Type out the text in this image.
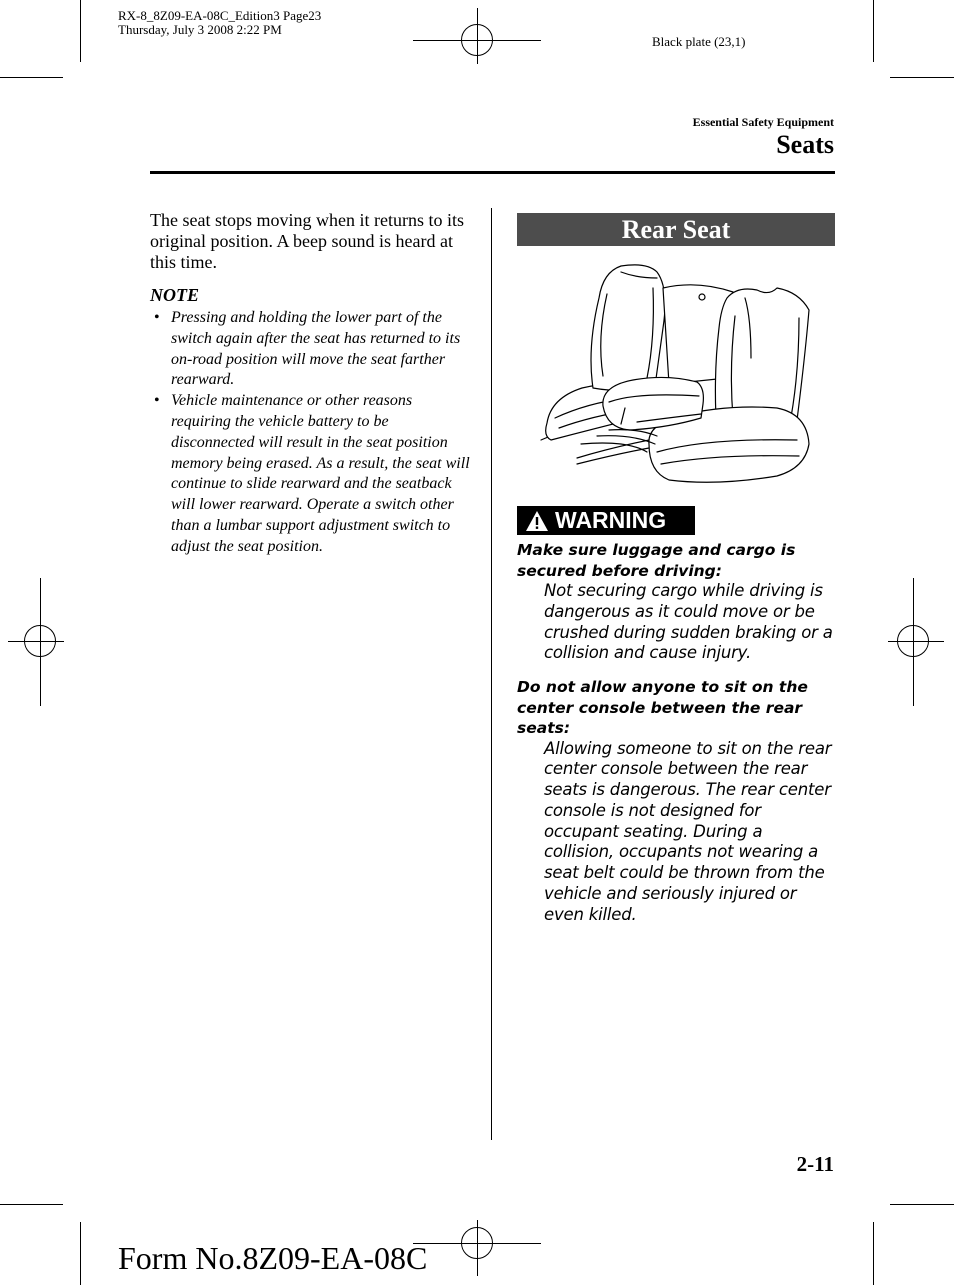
RX-8_8Z09-EA-08C_Edition3 Page23
Thursday, July 3 2008 2:22 PM
Black plate (23,1)
Essential Safety Equipment
Seats

The seat stops moving when it returns to its original position. A beep sound is heard at this time.

NOTE
• Pressing and holding the lower part of the switch again after the seat has returned to its on-road position will move the seat farther rearward.
• Vehicle maintenance or other reasons requiring the vehicle battery to be disconnected will result in the seat position memory being erased. As a result, the seat will continue to slide rearward and the seatback will lower rearward. Operate a switch other than a lumbar support adjustment switch to adjust the seat position.
Rear Seat
WARNING

Make sure luggage and cargo is secured before driving:

Not securing cargo while driving is dangerous as it could move or be crushed during sudden braking or a collision and cause injury.

Do not allow anyone to sit on the center console between the rear seats:

Allowing someone to sit on the rear center console between the rear seats is dangerous. The rear center console is not designed for occupant seating. During a collision, occupants not wearing a seat belt could be thrown from the vehicle and seriously injured or even killed.

2-11
Form No.8Z09-EA-08C
